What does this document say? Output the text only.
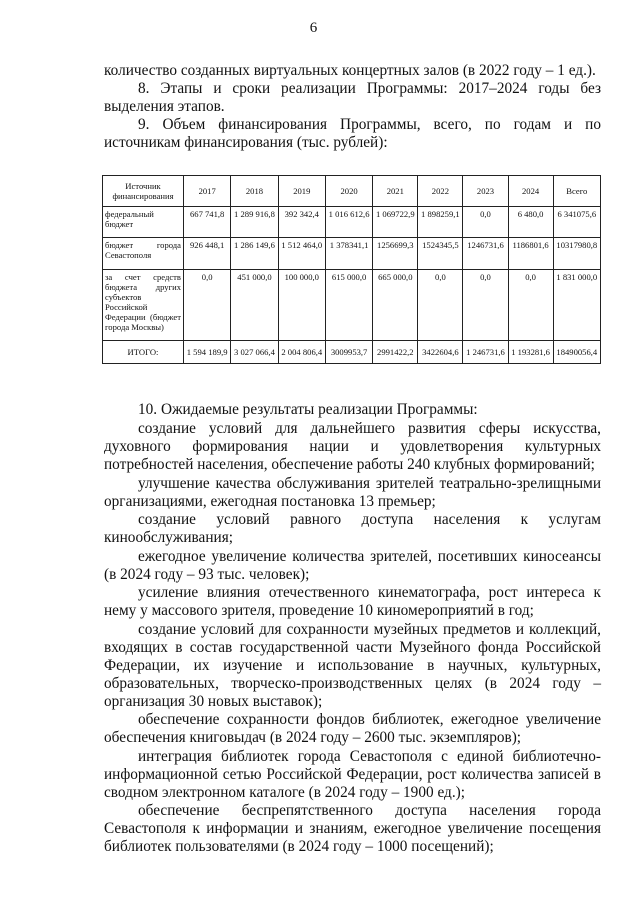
6

количество созданных виртуальных концертных залов (в 2022 году – 1 ед.).

8. Этапы и сроки реализации Программы: 2017–2024 годы без выделения этапов.

9. Объем финансирования Программы, всего, по годам и по источникам финансирования (тыс. рублей):

Источник финансирования	2017	2018	2019	2020	2021	2022	2023	2024	Всего
федеральный бюджет	667 741,8	1 289 916,8	392 342,4	1 016 612,6	1 069722,9	1 898259,1	0,0	6 480,0	6 341075,6
бюджет города Севастополя	926 448,1	1 286 149,6	1 512 464,0	1 378341,1	1256699,3	1524345,5	1246731,6	1186801,6	10317980,8
за счет средств бюджета других субъектов Российской Федерации (бюджет города Москвы)	0,0	451 000,0	100 000,0	615 000,0	665 000,0	0,0	0,0	0,0	1 831 000,0
ИТОГО:	1 594 189,9	3 027 066,4	2 004 806,4	3009953,7	2991422,2	3422604,6	1 246731,6	1 193281,6	18490056,4

10. Ожидаемые результаты реализации Программы:

создание условий для дальнейшего развития сферы искусства, духовного формирования нации и удовлетворения культурных потребностей населения, обеспечение работы 240 клубных формирований;

улучшение качества обслуживания зрителей театрально-зрелищными организациями, ежегодная постановка 13 премьер;

создание условий равного доступа населения к услугам кинообслуживания;

ежегодное увеличение количества зрителей, посетивших киносеансы (в 2024 году – 93 тыс. человек);

усиление влияния отечественного кинематографа, рост интереса к нему у массового зрителя, проведение 10 киномероприятий в год;

создание условий для сохранности музейных предметов и коллекций, входящих в состав государственной части Музейного фонда Российской Федерации, их изучение и использование в научных, культурных, образовательных, творческо-производственных целях (в 2024 году – организация 30 новых выставок);

обеспечение сохранности фондов библиотек, ежегодное увеличение обеспечения книговыдач (в 2024 году – 2600 тыс. экземпляров);

интеграция библиотек города Севастополя с единой библиотечно-информационной сетью Российской Федерации, рост количества записей в сводном электронном каталоге (в 2024 году – 1900 ед.);

обеспечение беспрепятственного доступа населения города Севастополя к информации и знаниям, ежегодное увеличение посещения библиотек пользователями (в 2024 году – 1000 посещений);
